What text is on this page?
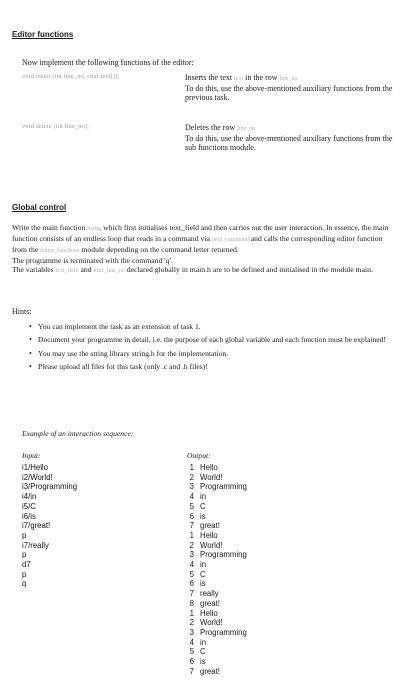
Editor functions
Now implement the following functions of the editor:
void insert (int line_no, char text[]);	Inserts the text text in the row line_no
To do this, use the above-mentioned auxiliary functions from the previous task.
void delete (int line_no);	Deletes the row line_no
To do this, use the above-mentioned auxiliary functions from the sub functions module.
Global control
Write the main function main, which first initialises text_field and then carries out the user interaction. In essence, the main function consists of an endless loop that reads in a command via next_command and calls the corresponding editor function from the editor_functions module depending on the command letter returned.
The programme is terminated with the command 'q'.
The variables text_field and max_line_no declared globally in main.h are to be defined and initialised in the module main.
Hints:
• You can implement the task as an extension of task 1.
• Document your programme in detail, i.e. the purpose of each global variable and each function must be explained!
• You may use the string library string.h for the implementation.
• Please upload all files for this task (only .c and .h files)!
Example of an interaction sequence:
Input:	Output:
i1/Hello
i2/World!
i3/Programming
i4/in
i5/C
i6/is
i7/great!
p
i7/really
p
d7
p
q
1 Hello
2 World!
3 Programming
4 in
5 C
6 is
7 great!
1 Hello
2 World!
3 Programming
4 in
5 C
6 is
7 really
8 great!
1 Hello
2 World!
3 Programming
4 in
5 C
6 is
7 great!
